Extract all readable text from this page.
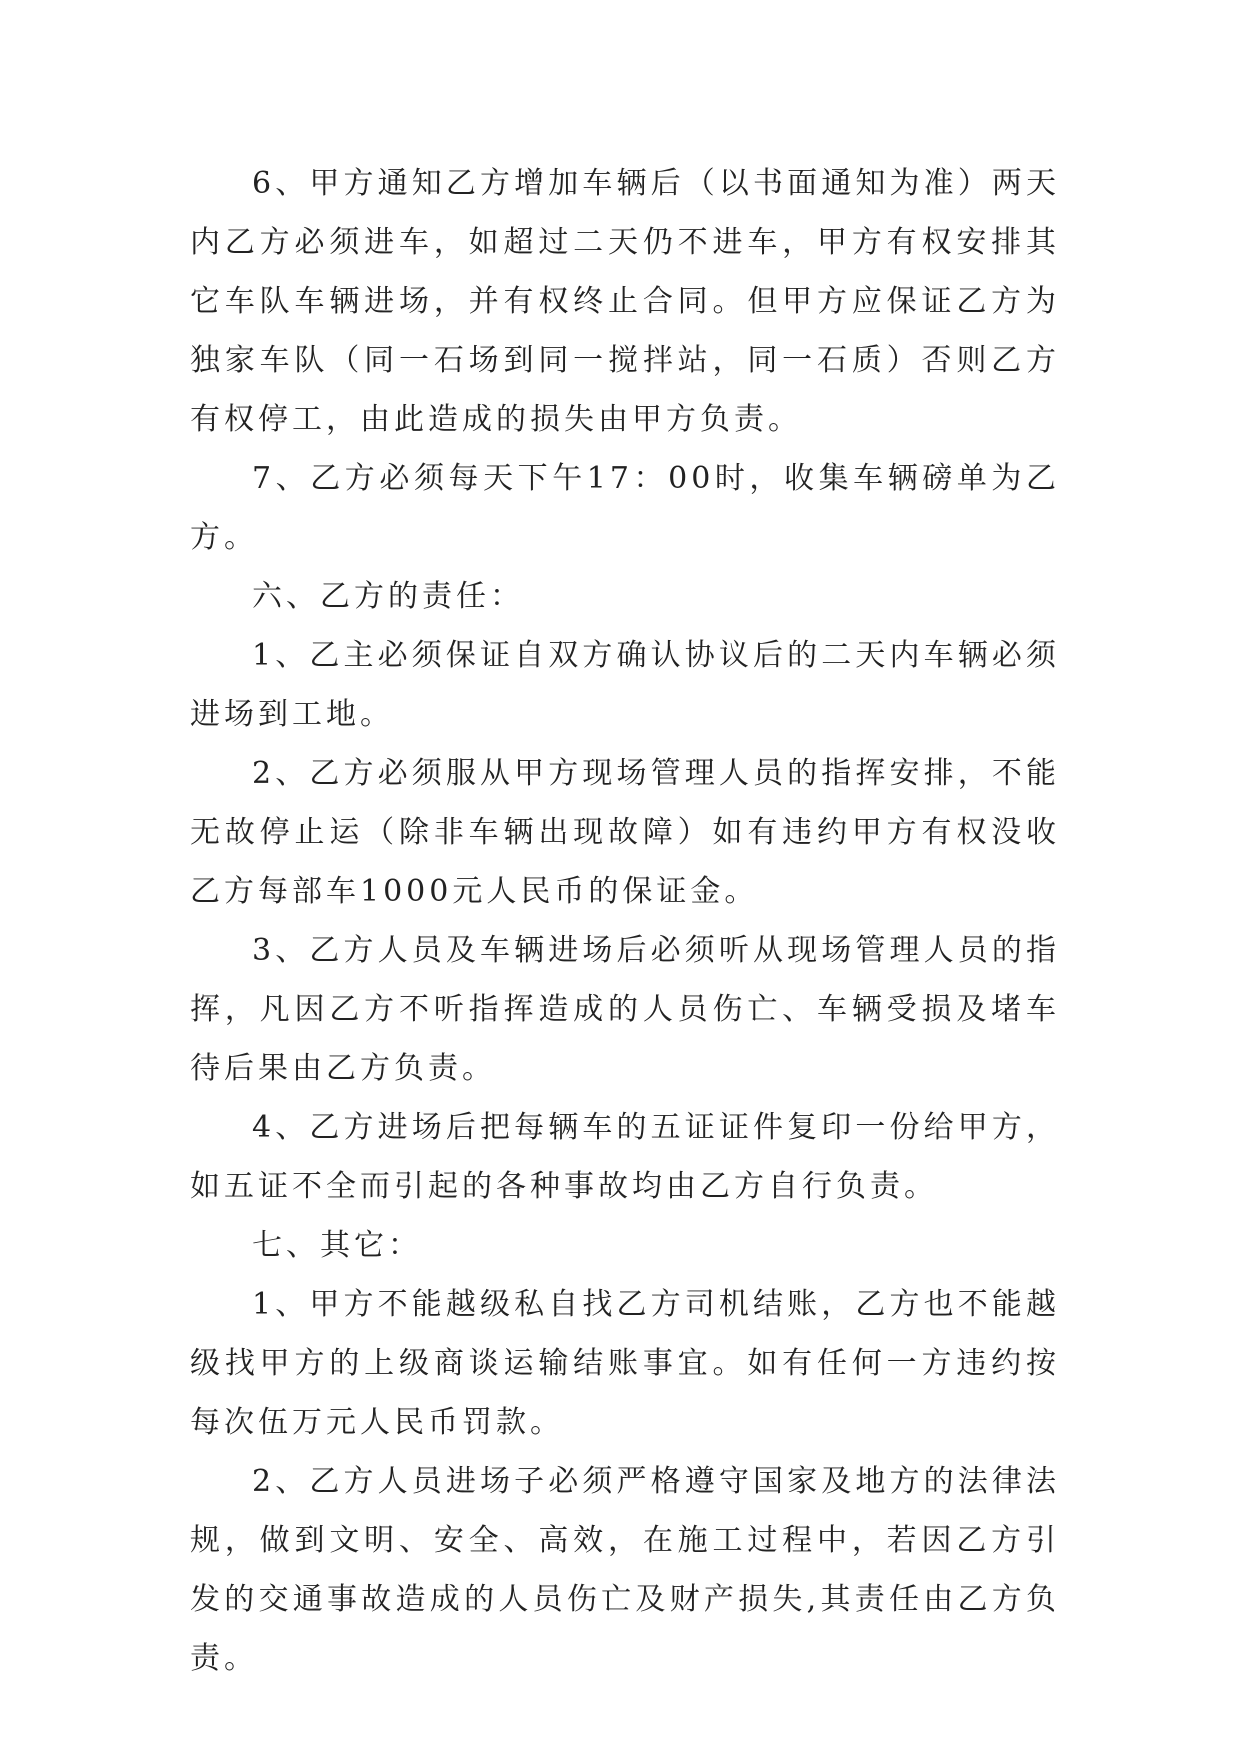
6、甲方通知乙方增加车辆后（以书面通知为准）两天内乙方必须进车，如超过二天仍不进车，甲方有权安排其它车队车辆进场，并有权终止合同。但甲方应保证乙方为独家车队（同一石场到同一搅拌站，同一石质）否则乙方有权停工，由此造成的损失由甲方负责。

7、乙方必须每天下午17：00时，收集车辆磅单为乙方。

六、乙方的责任：

1、乙主必须保证自双方确认协议后的二天内车辆必须进场到工地。

2、乙方必须服从甲方现场管理人员的指挥安排，不能无故停止运（除非车辆出现故障）如有违约甲方有权没收乙方每部车1000元人民币的保证金。

3、乙方人员及车辆进场后必须听从现场管理人员的指挥，凡因乙方不听指挥造成的人员伤亡、车辆受损及堵车待后果由乙方负责。

4、乙方进场后把每辆车的五证证件复印一份给甲方，如五证不全而引起的各种事故均由乙方自行负责。

七、其它：

1、甲方不能越级私自找乙方司机结账，乙方也不能越级找甲方的上级商谈运输结账事宜。如有任何一方违约按每次伍万元人民币罚款。

2、乙方人员进场子必须严格遵守国家及地方的法律法规，做到文明、安全、高效，在施工过程中，若因乙方引发的交通事故造成的人员伤亡及财产损失,其责任由乙方负责。
